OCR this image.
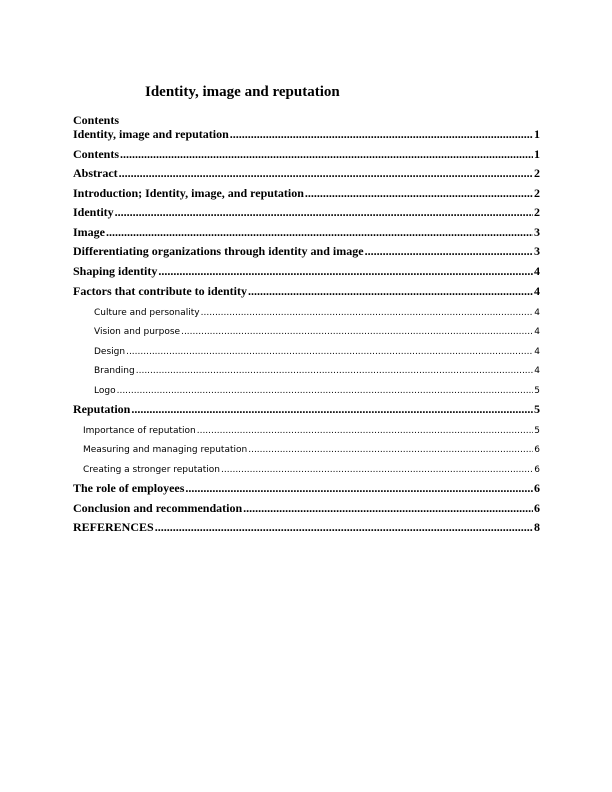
Identity, image and reputation
Contents
Identity, image and reputation .....	1
Contents .....	1
Abstract .....	2
Introduction; Identity, image, and reputation .....	2
Identity .....	2
Image .....	3
Differentiating organizations through identity and image .....	3
Shaping identity .....	4
Factors that contribute to identity .....	4
Culture and personality .....	4
Vision and purpose .....	4
Design .....	4
Branding .....	4
Logo .....	5
Reputation .....	5
Importance of reputation .....	5
Measuring and managing reputation .....	6
Creating a stronger reputation .....	6
The role of employees .....	6
Conclusion and recommendation .....	6
REFERENCES .....	8
